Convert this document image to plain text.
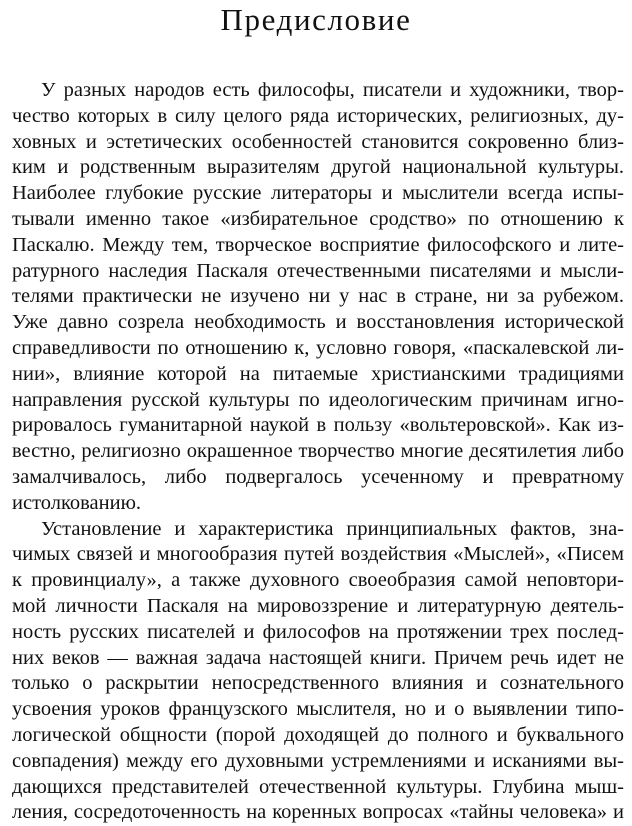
Предисловие
У разных народов есть философы, писатели и художники, твор-
чество которых в силу целого ряда исторических, религиозных, ду-
ховных и эстетических особенностей становится сокровенно близ-
ким и родственным выразителям другой национальной культуры.
Наиболее глубокие русские литераторы и мыслители всегда испы-
тывали именно такое «избирательное сродство» по отношению к
Паскалю. Между тем, творческое восприятие философского и лите-
ратурного наследия Паскаля отечественными писателями и мысли-
телями практически не изучено ни у нас в стране, ни за рубежом.
Уже давно созрела необходимость и восстановления исторической
справедливости по отношению к, условно говоря, «паскалевской ли-
нии», влияние которой на питаемые христианскими традициями
направления русской культуры по идеологическим причинам игно-
рировалось гуманитарной наукой в пользу «вольтеровской». Как из-
вестно, религиозно окрашенное творчество многие десятилетия либо
замалчивалось, либо подвергалось усеченному и превратному
истолкованию.
Установление и характеристика принципиальных фактов, зна-
чимых связей и многообразия путей воздействия «Мыслей», «Писем
к провинциалу», а также духовного своеобразия самой неповтори-
мой личности Паскаля на мировоззрение и литературную деятель-
ность русских писателей и философов на протяжении трех послед-
них веков — важная задача настоящей книги. Причем речь идет не
только о раскрытии непосредственного влияния и сознательного
усвоения уроков французского мыслителя, но и о выявлении типо-
логической общности (порой доходящей до полного и буквального
совпадения) между его духовными устремлениями и исканиями вы-
дающихся представителей отечественной культуры. Глубина мыш-
ления, сосредоточенность на коренных вопросах «тайны человека» и
